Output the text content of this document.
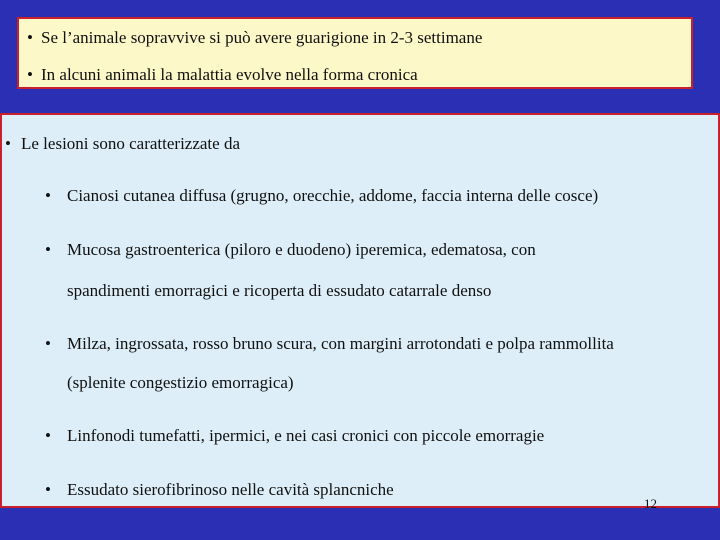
• Se l’animale sopravvive si può avere guarigione in 2-3 settimane
• In alcuni animali la malattia evolve nella forma cronica
• Le lesioni sono caratterizzate da
• Cianosi cutanea diffusa (grugno, orecchie, addome, faccia interna delle cosce)
• Mucosa gastroenterica (piloro e duodeno) iperemica, edematosa, con
spandimenti emorragici e ricoperta di essudato catarrale denso
• Milza, ingrossata, rosso bruno scura, con margini arrotondati e polpa rammollita
(splenite congestizio emorragica)
• Linfonodi tumefatti, ipermici, e nei casi cronici con piccole emorragie
• Essudato sierofibrinoso nelle cavità splancniche
12
